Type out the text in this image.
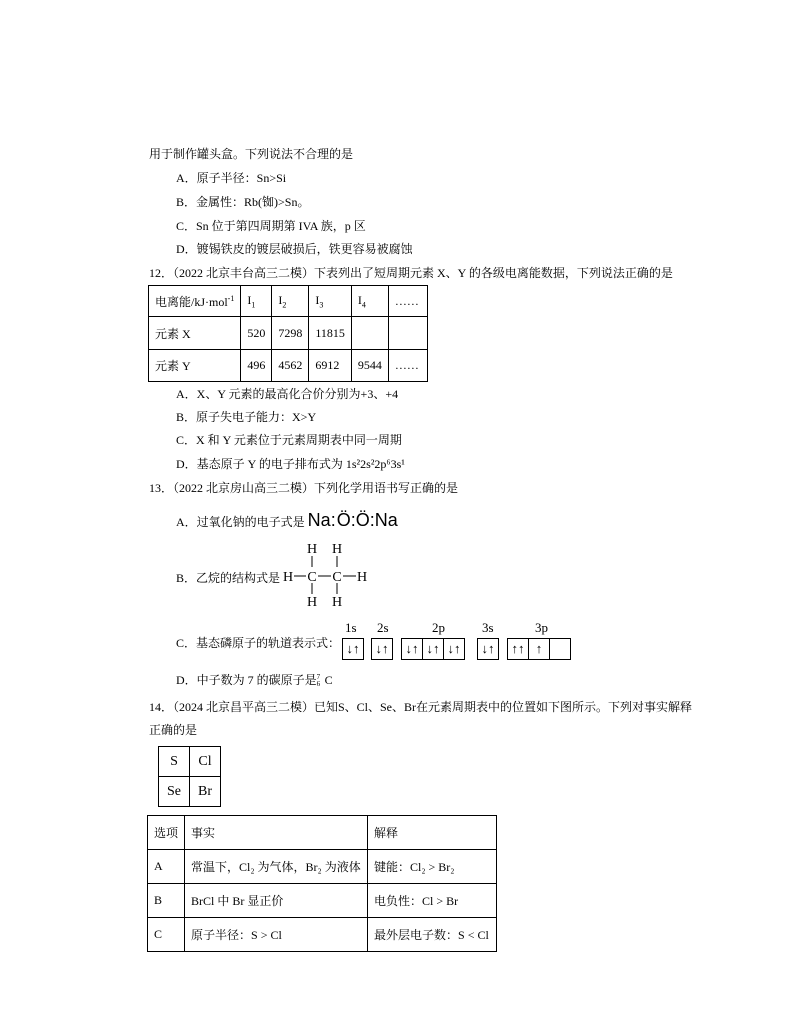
用于制作罐头盒。下列说法不合理的是
A．原子半径：Sn>Si
B．金属性：Rb(铷)>Sn。
C．Sn 位于第四周期第 IVA 族，p 区
D．镀锡铁皮的镀层破损后，铁更容易被腐蚀
12．（2022 北京丰台高三二模）下表列出了短周期元素 X、Y 的各级电离能数据，下列说法正确的是
电离能/kJ·mol$^{-1}$	$I_1$	$I_2$	$I_3$	$I_4$	……
元素 X	520	7298	11815		
元素 Y	496	4562	6912	9544	……
A．X、Y 元素的最高化合价分别为+3、+4
B．原子失电子能力：X>Y
C．X 和 Y 元素位于元素周期表中同一周期
D．基态原子 Y 的电子排布式为 1s²2s²2p⁶3s¹
13．（2022 北京房山高三二模）下列化学用语书写正确的是
A．过氧化钠的电子式是 Na:Ö:Ö:Na
B．乙烷的结构式是
H H
H C C H
H H
C．基态磷原子的轨道表示式：
1s 2s	2p	3s	3p
↓↑	↓↑	↓↑ ↓↑ ↓↑	↓↑	↑↑ ↑
D．中子数为 7 的碳原子是 7
6 C
14．（2024 北京昌平高三二模）已知S、Cl、Se、Br在元素周期表中的位置如下图所示。下列对事实解释
正确的是
S	Cl
Se	Br
选项	事实	解释
A	常温下，Cl₂ 为气体，Br₂ 为液体	键能：Cl₂ > Br₂
B	BrCl 中 Br 显正价	电负性：Cl > Br
C	原子半径：S > Cl	最外层电子数：S < Cl
